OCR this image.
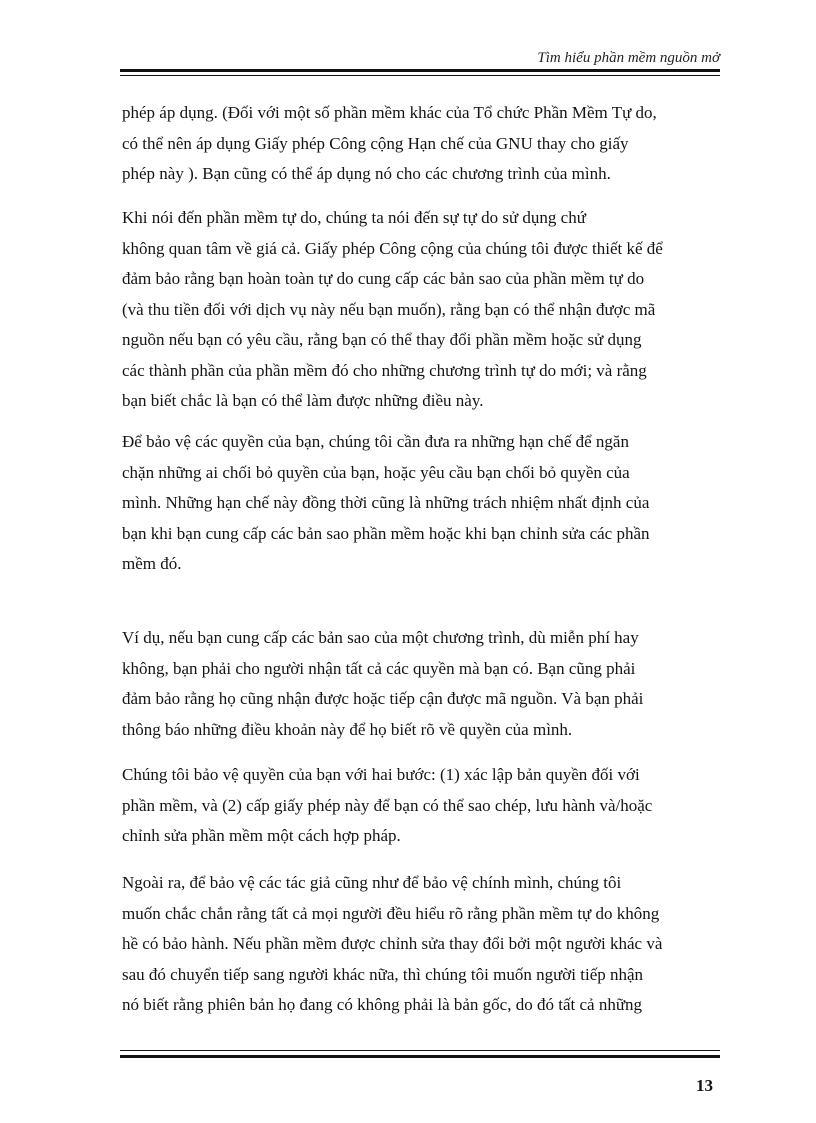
Tìm hiểu phần mềm nguồn mở

phép áp dụng. (Đối với một số phần mềm khác của Tổ chức Phần Mềm Tự do,
có thể nên áp dụng Giấy phép Công cộng Hạn chế của GNU thay cho giấy
phép này ). Bạn cũng có thể áp dụng nó cho các chương trình của mình.

Khi nói đến phần mềm tự do, chúng ta nói đến sự tự do sử dụng chứ
không quan tâm về giá cả. Giấy phép Công cộng của chúng tôi được thiết kế để
đảm bảo rằng bạn hoàn toàn tự do cung cấp các bản sao của phần mềm tự do
(và thu tiền đối với dịch vụ này nếu bạn muốn), rằng bạn có thể nhận được mã
nguồn nếu bạn có yêu cầu, rằng bạn có thể thay đổi phần mềm hoặc sử dụng
các thành phần của phần mềm đó cho những chương trình tự do mới; và rằng
bạn biết chắc là bạn có thể làm được những điều này.

Để bảo vệ các quyền của bạn, chúng tôi cần đưa ra những hạn chế để ngăn
chặn những ai chối bỏ quyền của bạn, hoặc yêu cầu bạn chối bỏ quyền của
mình. Những hạn chế này đồng thời cũng là những trách nhiệm nhất định của
bạn khi bạn cung cấp các bản sao phần mềm hoặc khi bạn chỉnh sửa các phần
mềm đó.

Ví dụ, nếu bạn cung cấp các bản sao của một chương trình, dù miễn phí hay
không, bạn phải cho người nhận tất cả các quyền mà bạn có. Bạn cũng phải
đảm bảo rằng họ cũng nhận được hoặc tiếp cận được mã nguồn. Và bạn phải
thông báo những điều khoản này để họ biết rõ về quyền của mình.

Chúng tôi bảo vệ quyền của bạn với hai bước: (1) xác lập bản quyền đối với
phần mềm, và (2) cấp giấy phép này để bạn có thể sao chép, lưu hành và/hoặc
chỉnh sửa phần mềm một cách hợp pháp.

Ngoài ra, để bảo vệ các tác giả cũng như để bảo vệ chính mình, chúng tôi
muốn chắc chắn rằng tất cả mọi người đều hiểu rõ rằng phần mềm tự do không
hề có bảo hành. Nếu phần mềm được chỉnh sửa thay đổi bởi một người khác và
sau đó chuyển tiếp sang người khác nữa, thì chúng tôi muốn người tiếp nhận
nó biết rằng phiên bản họ đang có không phải là bản gốc, do đó tất cả những

13
